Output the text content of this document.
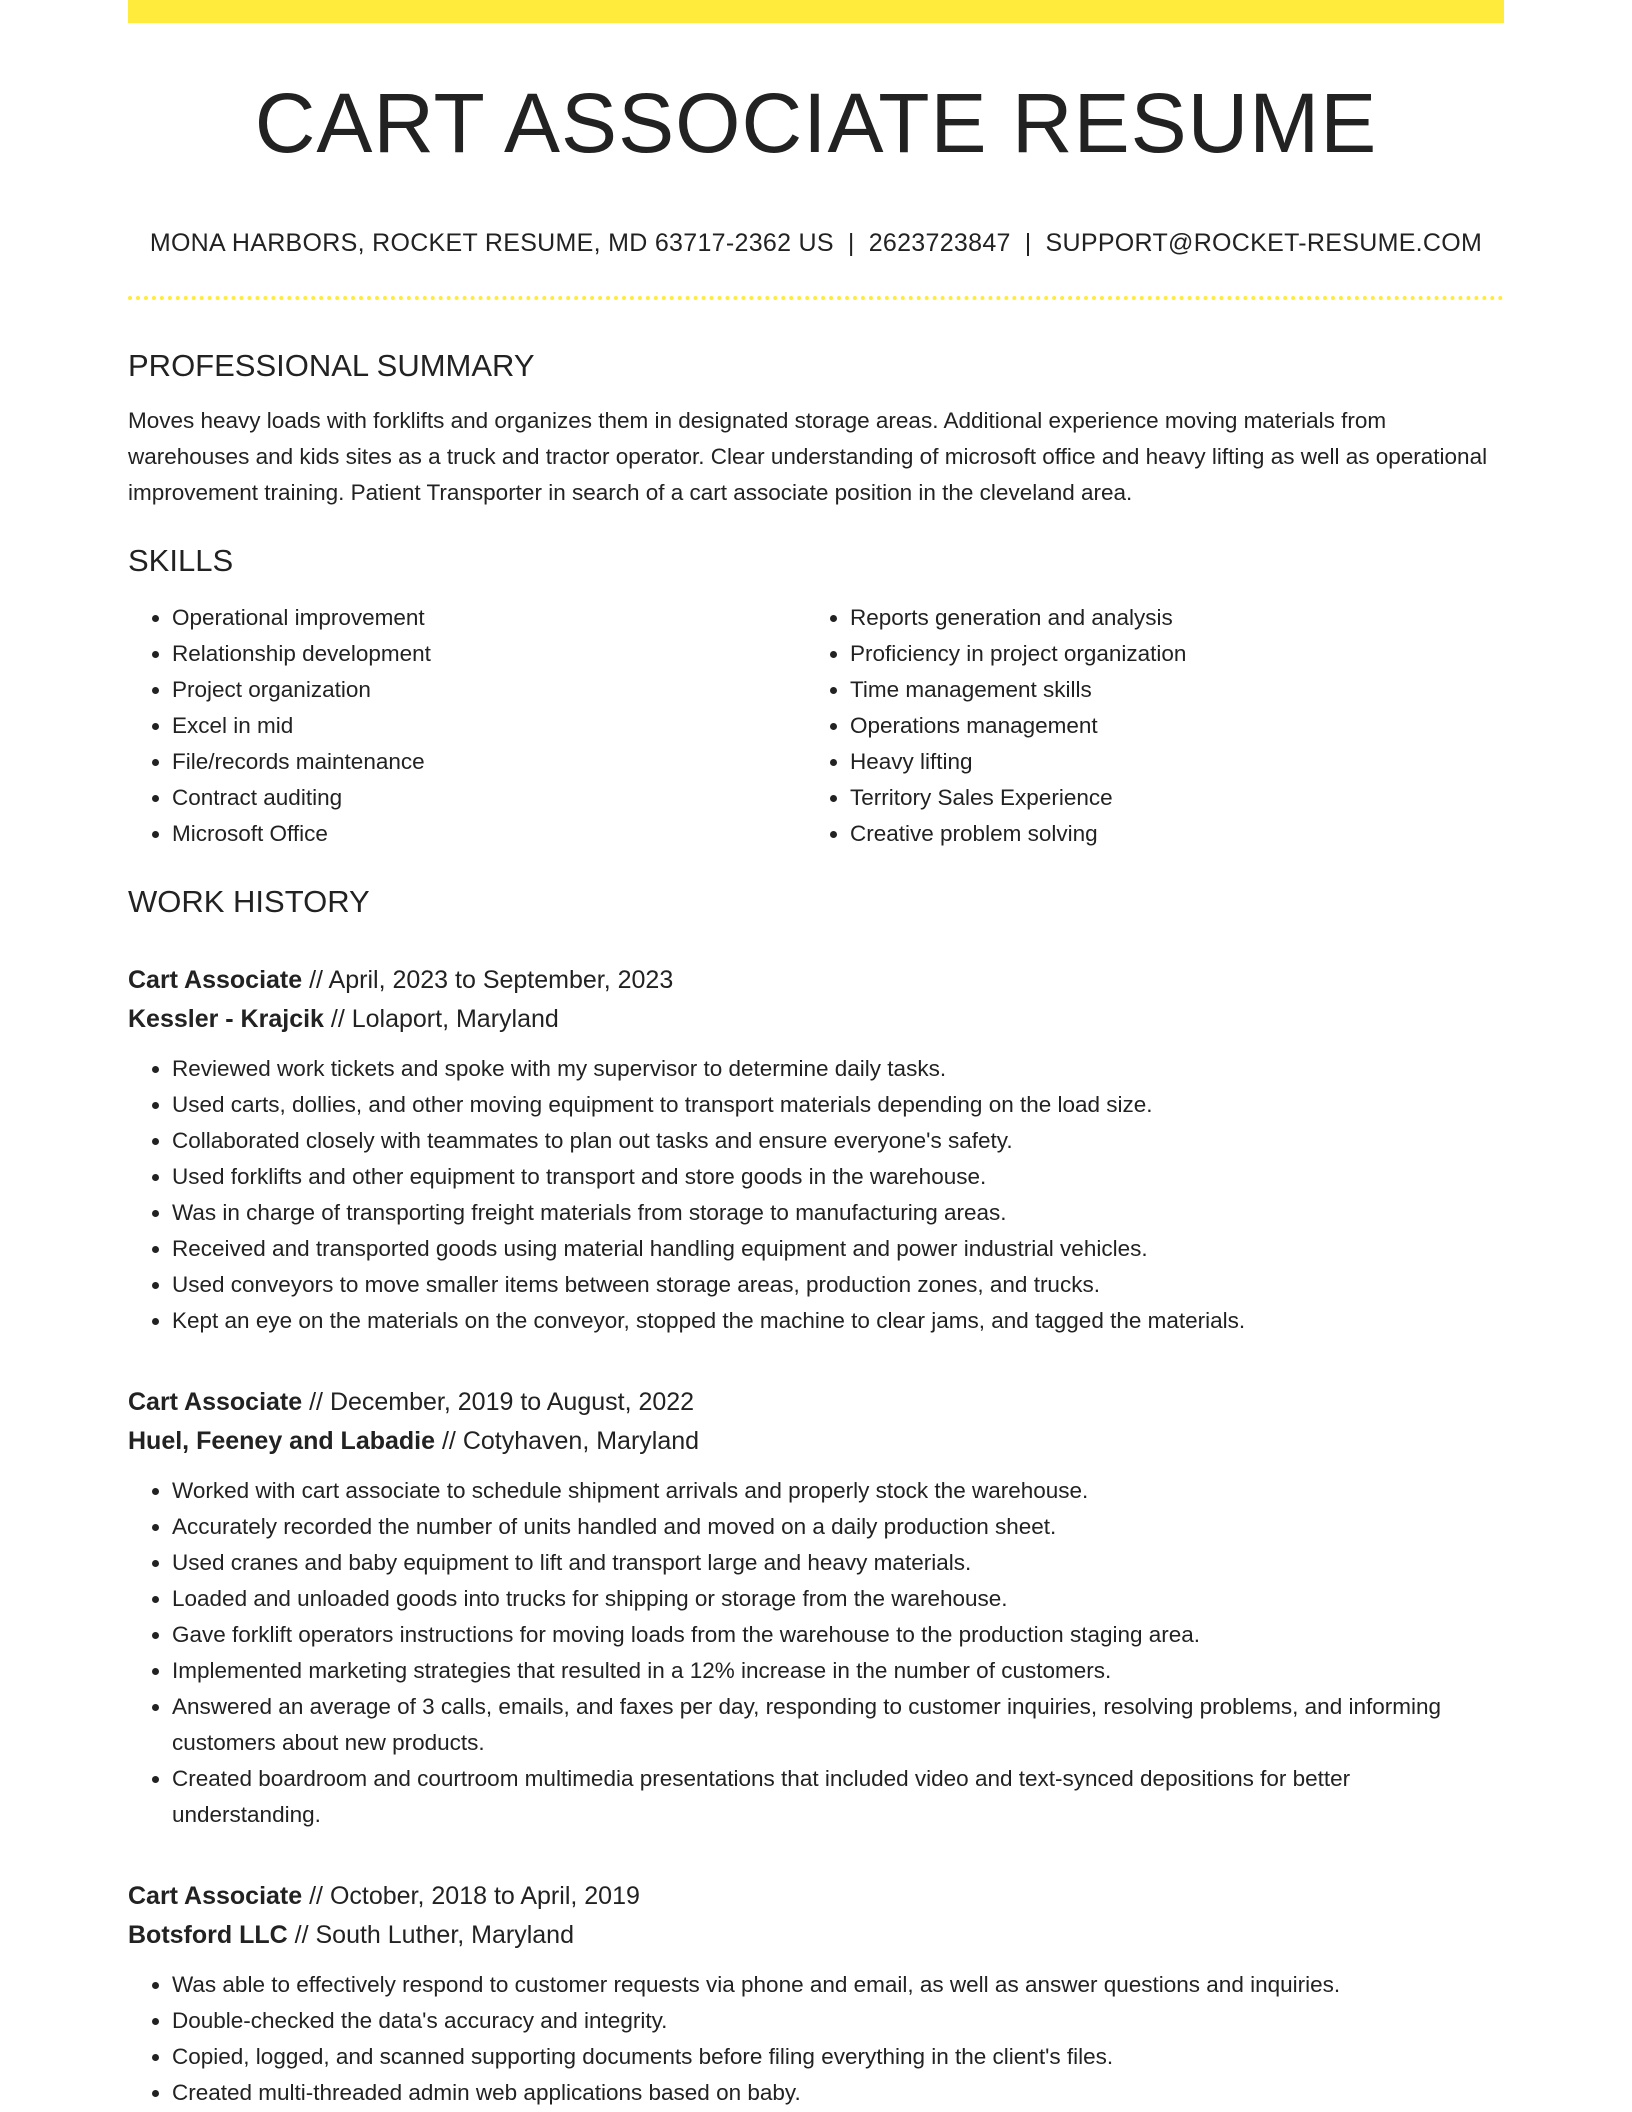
CART ASSOCIATE RESUME
MONA HARBORS, ROCKET RESUME, MD 63717-2362 US | 2623723847 | SUPPORT@ROCKET-RESUME.COM
PROFESSIONAL SUMMARY

Moves heavy loads with forklifts and organizes them in designated storage areas. Additional experience moving materials from warehouses and kids sites as a truck and tractor operator. Clear understanding of microsoft office and heavy lifting as well as operational improvement training. Patient Transporter in search of a cart associate position in the cleveland area.

SKILLS
• Operational improvement
• Relationship development
• Project organization
• Excel in mid
• File/records maintenance
• Contract auditing
• Microsoft Office
• Reports generation and analysis
• Proficiency in project organization
• Time management skills
• Operations management
• Heavy lifting
• Territory Sales Experience
• Creative problem solving
WORK HISTORY
Cart Associate // April, 2023 to September, 2023
Kessler - Krajcik // Lolaport, Maryland
• Reviewed work tickets and spoke with my supervisor to determine daily tasks.
• Used carts, dollies, and other moving equipment to transport materials depending on the load size.
• Collaborated closely with teammates to plan out tasks and ensure everyone's safety.
• Used forklifts and other equipment to transport and store goods in the warehouse.
• Was in charge of transporting freight materials from storage to manufacturing areas.
• Received and transported goods using material handling equipment and power industrial vehicles.
• Used conveyors to move smaller items between storage areas, production zones, and trucks.
• Kept an eye on the materials on the conveyor, stopped the machine to clear jams, and tagged the materials.
Cart Associate // December, 2019 to August, 2022
Huel, Feeney and Labadie // Cotyhaven, Maryland
• Worked with cart associate to schedule shipment arrivals and properly stock the warehouse.
• Accurately recorded the number of units handled and moved on a daily production sheet.
• Used cranes and baby equipment to lift and transport large and heavy materials.
• Loaded and unloaded goods into trucks for shipping or storage from the warehouse.
• Gave forklift operators instructions for moving loads from the warehouse to the production staging area.
• Implemented marketing strategies that resulted in a 12% increase in the number of customers.
• Answered an average of 3 calls, emails, and faxes per day, responding to customer inquiries, resolving problems, and informing customers about new products.
• Created boardroom and courtroom multimedia presentations that included video and text-synced depositions for better understanding.
Cart Associate // October, 2018 to April, 2019
Botsford LLC // South Luther, Maryland
• Was able to effectively respond to customer requests via phone and email, as well as answer questions and inquiries.
• Double-checked the data's accuracy and integrity.
• Copied, logged, and scanned supporting documents before filing everything in the client's files.
• Created multi-threaded admin web applications based on baby.
